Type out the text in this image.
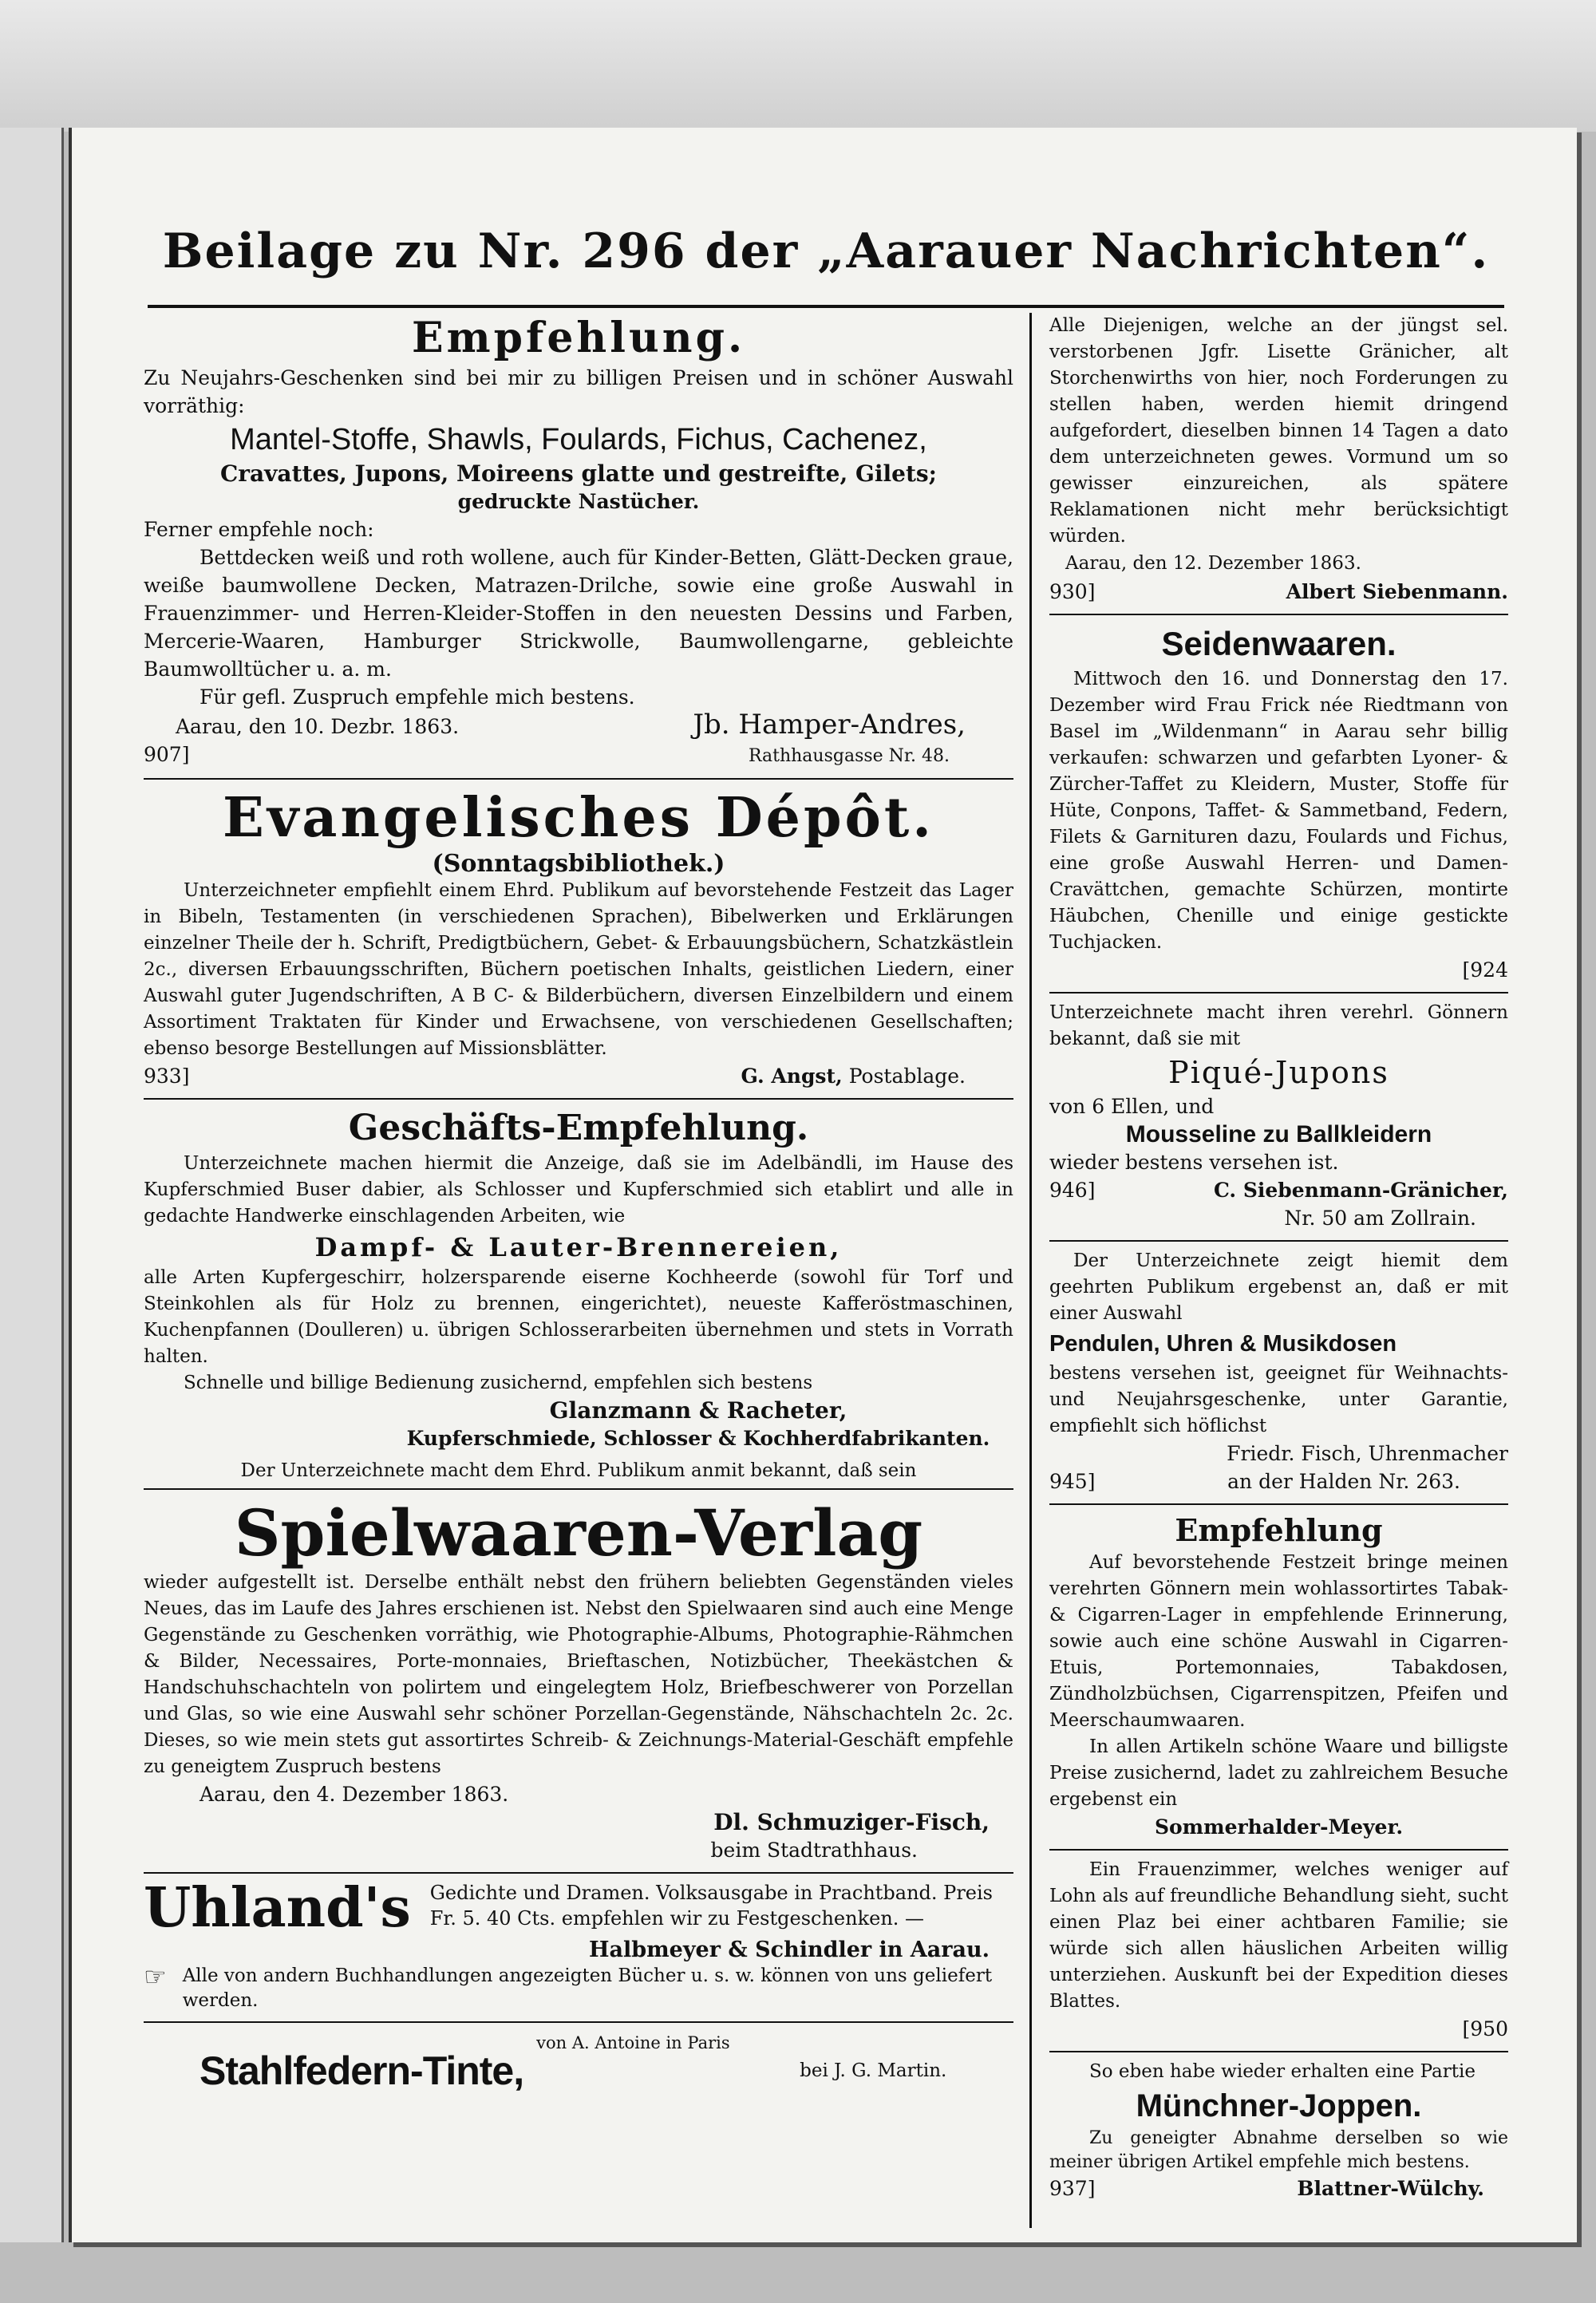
Beilage zu Nr. 296 der „Aarauer Nachrichten“.
Empfehlung.
Zu Neujahrs-Geschenken sind bei mir zu billigen Preisen und in schöner Auswahl vorräthig:
Mantel-Stoffe, Shawls, Foulards, Fichus, Cachenez,
Cravattes, Jupons, Moireens glatte und gestreifte, Gilets;
gedruckte Nastücher.
Ferner empfehle noch:
Bettdecken weiß und roth wollene, auch für Kinder-Betten, Glätt-Decken graue, weiße baumwollene Decken, Matrazen-Drilche, sowie eine große Auswahl in Frauenzimmer- und Herren-Kleider-Stoffen in den neuesten Dessins und Farben, Mercerie-Waaren, Hamburger Strickwolle, Baumwollengarne, gebleichte Baumwolltücher u. a. m.
Für gefl. Zuspruch empfehle mich bestens.
Aarau, den 10. Dezbr. 1863.	Jb. Hamper-Andres,
907]	Rathhausgasse Nr. 48.
Evangelisches Dépôt.
(Sonntagsbibliothek.)
Unterzeichneter empfiehlt einem Ehrd. Publikum auf bevorstehende Festzeit das Lager in Bibeln, Testamenten (in verschiedenen Sprachen), Bibelwerken und Erklärungen einzelner Theile der h. Schrift, Predigtbüchern, Gebet- & Erbauungsbüchern, Schatzkästlein 2c., diversen Erbauungsschriften, Büchern poetischen Inhalts, geistlichen Liedern, einer Auswahl guter Jugendschriften, A B C- & Bilderbüchern, diversen Einzelbildern und einem Assortiment Traktaten für Kinder und Erwachsene, von verschiedenen Gesellschaften; ebenso besorge Bestellungen auf Missionsblätter.
933]	G. Angst, Postablage.
Geschäfts-Empfehlung.
Unterzeichnete machen hiermit die Anzeige, daß sie im Adelbändli, im Hause des Kupferschmied Buser dabier, als Schlosser und Kupferschmied sich etablirt und alle in gedachte Handwerke einschlagenden Arbeiten, wie
Dampf- & Lauter-Brennereien,
alle Arten Kupfergeschirr, holzersparende eiserne Kochheerde (sowohl für Torf und Steinkohlen als für Holz zu brennen, eingerichtet), neueste Kafferöstmaschinen, Kuchenpfannen (Doulleren) u. übrigen Schlosserarbeiten übernehmen und stets in Vorrath halten.
Schnelle und billige Bedienung zusichernd, empfehlen sich bestens
Glanzmann & Racheter,
Kupferschmiede, Schlosser & Kochherdfabrikanten.
Der Unterzeichnete macht dem Ehrd. Publikum anmit bekannt, daß sein
Spielwaaren-Verlag
wieder aufgestellt ist. Derselbe enthält nebst den frühern beliebten Gegenständen vieles Neues, das im Laufe des Jahres erschienen ist. Nebst den Spielwaaren sind auch eine Menge Gegenstände zu Geschenken vorräthig, wie Photographie-Albums, Photographie-Rähmchen & Bilder, Necessaires, Porte-monnaies, Brieftaschen, Notizbücher, Theekästchen & Handschuhschachteln von polirtem und eingelegtem Holz, Briefbeschwerer von Porzellan und Glas, so wie eine Auswahl sehr schöner Porzellan-Gegenstände, Nähschachteln 2c. 2c. Dieses, so wie mein stets gut assortirtes Schreib- & Zeichnungs-Material-Geschäft empfehle zu geneigtem Zuspruch bestens
Aarau, den 4. Dezember 1863.
Dl. Schmuziger-Fisch,
beim Stadtrathhaus.
Uhland's Gedichte und Dramen. Volksausgabe in Prachtband. Preis Fr. 5. 40 Cts. empfehlen wir zu Festgeschenken. —
Halbmeyer & Schindler in Aarau.
☞ Alle von andern Buchhandlungen angezeigten Bücher u. s. w. können von uns geliefert werden.
Stahlfedern-Tinte,
von A. Antoine in Paris
bei J. G. Martin.
Alle Diejenigen, welche an der jüngst sel. verstorbenen Jgfr. Lisette Gränicher, alt Storchenwirths von hier, noch Forderungen zu stellen haben, werden hiemit dringend aufgefordert, dieselben binnen 14 Tagen a dato dem unterzeichneten gewes. Vormund um so gewisser einzureichen, als spätere Reklamationen nicht mehr berücksichtigt würden.
Aarau, den 12. Dezember 1863.
930]	Albert Siebenmann.
Seidenwaaren.
Mittwoch den 16. und Donnerstag den 17. Dezember wird Frau Frick née Riedtmann von Basel im „Wildenmann“ in Aarau sehr billig verkaufen: schwarzen und gefarbten Lyoner- & Zürcher-Taffet zu Kleidern, Muster, Stoffe für Hüte, Conpons, Taffet- & Sammetband, Federn, Filets & Garnituren dazu, Foulards und Fichus, eine große Auswahl Herren- und Damen-Cravättchen, gemachte Schürzen, montirte Häubchen, Chenille und einige gestickte Tuchjacken.
[924
Unterzeichnete macht ihren verehrl. Gönnern bekannt, daß sie mit
Piqué-Jupons
von 6 Ellen, und
Mousseline zu Ballkleidern
wieder bestens versehen ist.
946]	C. Siebenmann-Gränicher,
Nr. 50 am Zollrain.
Der Unterzeichnete zeigt hiemit dem geehrten Publikum ergebenst an, daß er mit einer Auswahl
Pendulen, Uhren & Musikdosen
bestens versehen ist, geeignet für Weihnachts- und Neujahrsgeschenke, unter Garantie, empfiehlt sich höflichst
Friedr. Fisch, Uhrenmacher
945]	an der Halden Nr. 263.
Empfehlung
Auf bevorstehende Festzeit bringe meinen verehrten Gönnern mein wohlassortirtes Tabak- & Cigarren-Lager in empfehlende Erinnerung, sowie auch eine schöne Auswahl in Cigarren-Etuis, Portemonnaies, Tabakdosen, Zündholzbüchsen, Cigarrenspitzen, Pfeifen und Meerschaumwaaren.
In allen Artikeln schöne Waare und billigste Preise zusichernd, ladet zu zahlreichem Besuche ergebenst ein
Sommerhalder-Meyer.
Ein Frauenzimmer, welches weniger auf Lohn als auf freundliche Behandlung sieht, sucht einen Plaz bei einer achtbaren Familie; sie würde sich allen häuslichen Arbeiten willig unterziehen. Auskunft bei der Expedition dieses Blattes.
[950
So eben habe wieder erhalten eine Partie
Münchner-Joppen.
Zu geneigter Abnahme derselben so wie meiner übrigen Artikel empfehle mich bestens.
937]	Blattner-Wülchy.
